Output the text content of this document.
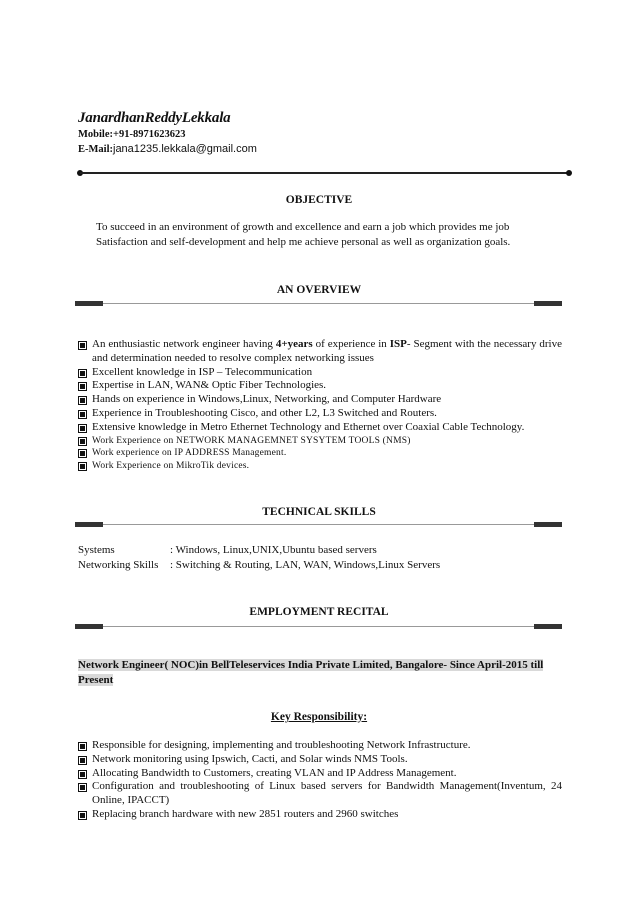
JanardhanReddyLekkala
Mobile:+91-8971623623
E-Mail:jana1235.lekkala@gmail.com
OBJECTIVE
To succeed in an environment of growth and excellence and earn a job which provides me job
Satisfaction and self-development and help me achieve personal as well as organization goals.
AN OVERVIEW
An enthusiastic network engineer having 4+years of experience in ISP- Segment with the necessary drive and determination needed to resolve complex networking issues
Excellent knowledge in ISP – Telecommunication
Expertise in LAN, WAN& Optic Fiber Technologies.
Hands on experience in Windows,Linux, Networking, and Computer Hardware
Experience in Troubleshooting Cisco, and other L2, L3 Switched and Routers.
Extensive knowledge in Metro Ethernet Technology and Ethernet over Coaxial Cable Technology.
Work Experience on NETWORK MANAGEMNET SYSYTEM TOOLS (NMS)
Work experience on IP ADDRESS Management.
Work Experience on MikroTik devices.
TECHNICAL SKILLS
Systems	: Windows, Linux,UNIX,Ubuntu based servers
Networking Skills	: Switching & Routing, LAN, WAN, Windows,Linux Servers
EMPLOYMENT RECITAL
Network Engineer( NOC)in BellTeleservices India Private Limited, Bangalore- Since April-2015 till Present
Key Responsibility:
Responsible for designing, implementing and troubleshooting Network Infrastructure.
Network monitoring using Ipswich, Cacti, and Solar winds NMS Tools.
Allocating Bandwidth to Customers, creating VLAN and IP Address Management.
Configuration and troubleshooting of Linux based servers for Bandwidth Management(Inventum, 24 Online, IPACCT)
Replacing branch hardware with new 2851 routers and 2960 switches
